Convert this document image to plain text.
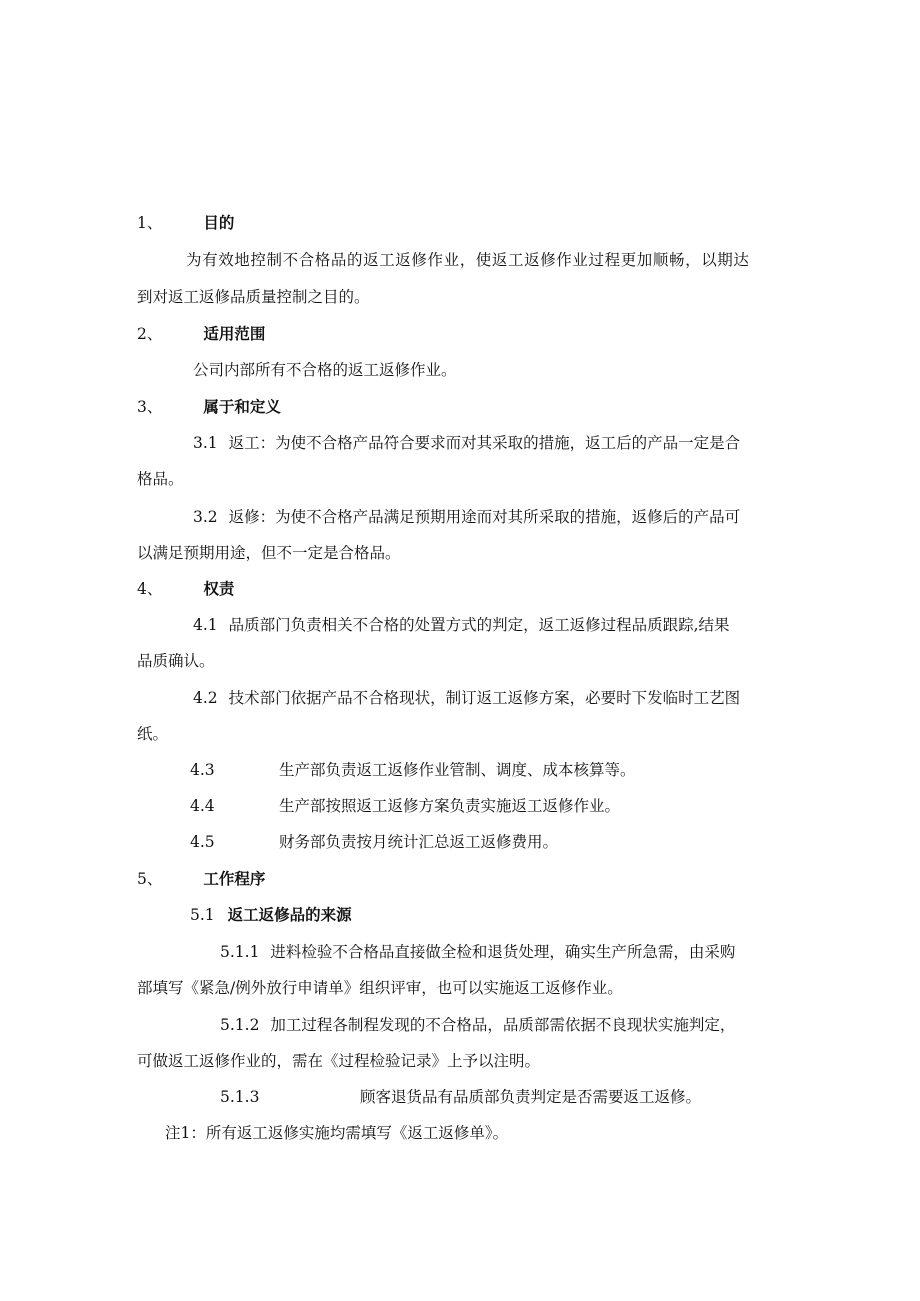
1、	目的
为有效地控制不合格品的返工返修作业，使返工返修作业过程更加顺畅，以期达
到对返工返修品质量控制之目的。
2、	适用范围
公司内部所有不合格的返工返修作业。
3、	属于和定义
3.1 返工：为使不合格产品符合要求而对其采取的措施，返工后的产品一定是合
格品。
3.2 返修：为使不合格产品满足预期用途而对其所采取的措施，返修后的产品可
以满足预期用途，但不一定是合格品。
4、	权责
4.1 品质部门负责相关不合格的处置方式的判定，返工返修过程品质跟踪,结果
品质确认。
4.2 技术部门依据产品不合格现状，制订返工返修方案，必要时下发临时工艺图
纸。
4.3	生产部负责返工返修作业管制、调度、成本核算等。
4.4	生产部按照返工返修方案负责实施返工返修作业。
4.5	财务部负责按月统计汇总返工返修费用。
5、	工作程序
5.1 返工返修品的来源
5.1.1 进料检验不合格品直接做全检和退货处理，确实生产所急需，由采购
部填写《紧急/例外放行申请单》组织评审，也可以实施返工返修作业。
5.1.2 加工过程各制程发现的不合格品，品质部需依据不良现状实施判定，
可做返工返修作业的，需在《过程检验记录》上予以注明。
5.1.3	顾客退货品有品质部负责判定是否需要返工返修。
注1：所有返工返修实施均需填写《返工返修单》。
